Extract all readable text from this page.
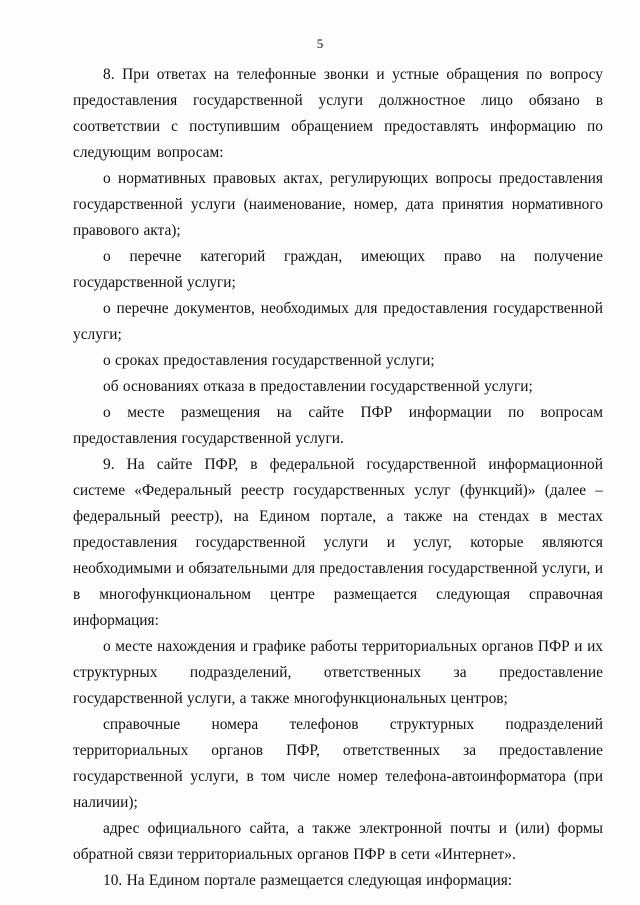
5

8. При ответах на телефонные звонки и устные обращения по вопросу предоставления государственной услуги должностное лицо обязано в соответствии с поступившим обращением предоставлять информацию по следующим вопросам:

о нормативных правовых актах, регулирующих вопросы предоставления государственной услуги (наименование, номер, дата принятия нормативного правового акта);

о перечне категорий граждан, имеющих право на получение государственной услуги;

о перечне документов, необходимых для предоставления государственной услуги;

о сроках предоставления государственной услуги;

об основаниях отказа в предоставлении государственной услуги;

о месте размещения на сайте ПФР информации по вопросам предоставления государственной услуги.

9. На сайте ПФР, в федеральной государственной информационной системе «Федеральный реестр государственных услуг (функций)» (далее – федеральный реестр), на Едином портале, а также на стендах в местах предоставления государственной услуги и услуг, которые являются необходимыми и обязательными для предоставления государственной услуги, и в многофункциональном центре размещается следующая справочная информация:

о месте нахождения и графике работы территориальных органов ПФР и их структурных подразделений, ответственных за предоставление государственной услуги, а также многофункциональных центров;

справочные номера телефонов структурных подразделений территориальных органов ПФР, ответственных за предоставление государственной услуги, в том числе номер телефона-автоинформатора (при наличии);

адрес официального сайта, а также электронной почты и (или) формы обратной связи территориальных органов ПФР в сети «Интернет».

10. На Едином портале размещается следующая информация:
